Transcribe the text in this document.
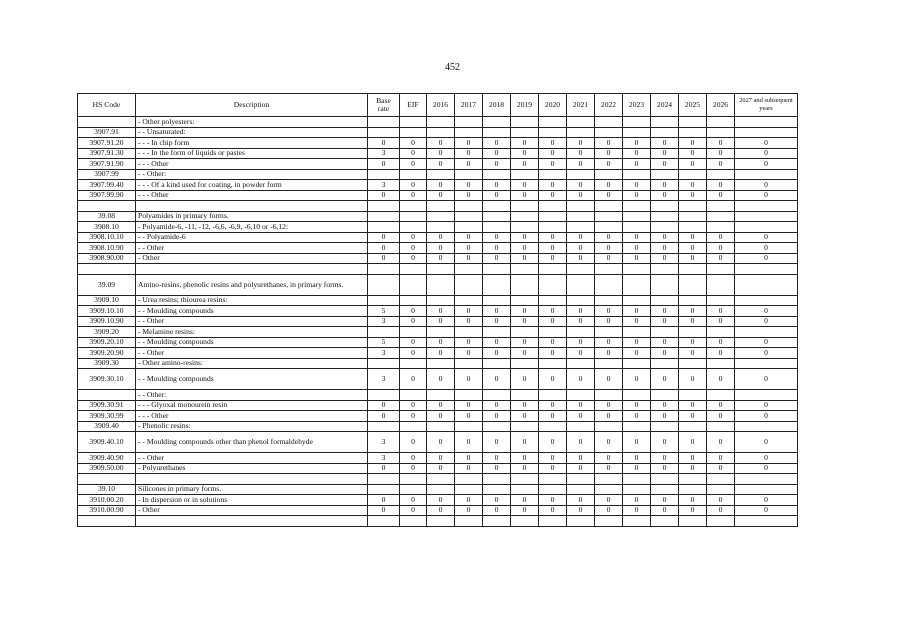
452
HS Code	Description	Base rate	EIF	2016	2017	2018	2019	2020	2021	2022	2023	2024	2025	2026	2027 and subsequent years
	- Other polyesters:														
3907.91	- - Unsaturated:														
3907.91.20	- - - In chip form	0	0	0	0	0	0	0	0	0	0	0	0	0	0
3907.91.30	- - - In the form of liquids or pastes	3	0	0	0	0	0	0	0	0	0	0	0	0	0
3907.91.90	- - - Other	0	0	0	0	0	0	0	0	0	0	0	0	0	0
3907.99	- - Other:														
3907.99.40	- - - Of a kind used for coating, in powder form	3	0	0	0	0	0	0	0	0	0	0	0	0	0
3907.99.90	- - - Other	0	0	0	0	0	0	0	0	0	0	0	0	0	0

39.08	Polyamides in primary forms.														
3908.10	- Polyamide-6, -11, -12, -6,6, -6,9, -6,10 or -6,12:														
3908.10.10	- - Polyamide-6	0	0	0	0	0	0	0	0	0	0	0	0	0	0
3908.10.90	- - Other	0	0	0	0	0	0	0	0	0	0	0	0	0	0
3908.90.00	- Other	0	0	0	0	0	0	0	0	0	0	0	0	0	0

39.09	Amino-resins, phenolic resins and polyurethanes, in primary forms.														
3909.10	- Urea resins; thiourea resins:														
3909.10.10	- - Moulding compounds	5	0	0	0	0	0	0	0	0	0	0	0	0	0
3909.10.90	- - Other	3	0	0	0	0	0	0	0	0	0	0	0	0	0
3909.20	- Melamine resins:														
3909.20.10	- - Moulding compounds	5	0	0	0	0	0	0	0	0	0	0	0	0	0
3909.20.90	- - Other	3	0	0	0	0	0	0	0	0	0	0	0	0	0
3909.30	- Other amino-resins:														
3909.30.10	- - Moulding compounds	3	0	0	0	0	0	0	0	0	0	0	0	0	0
	- - Other:														
3909.30.91	- - - Glyoxal monourein resin	0	0	0	0	0	0	0	0	0	0	0	0	0	0
3909.30.99	- - - Other	0	0	0	0	0	0	0	0	0	0	0	0	0	0
3909.40	- Phenolic resins:														
3909.40.10	- - Moulding compounds other than phenol formaldehyde	3	0	0	0	0	0	0	0	0	0	0	0	0	0
3909.40.90	- - Other	3	0	0	0	0	0	0	0	0	0	0	0	0	0
3909.50.00	- Polyurethanes	0	0	0	0	0	0	0	0	0	0	0	0	0	0

39.10	Silicones in primary forms.														
3910.00.20	- In dispersion or in solutions	0	0	0	0	0	0	0	0	0	0	0	0	0	0
3910.00.90	- Other	0	0	0	0	0	0	0	0	0	0	0	0	0	0
